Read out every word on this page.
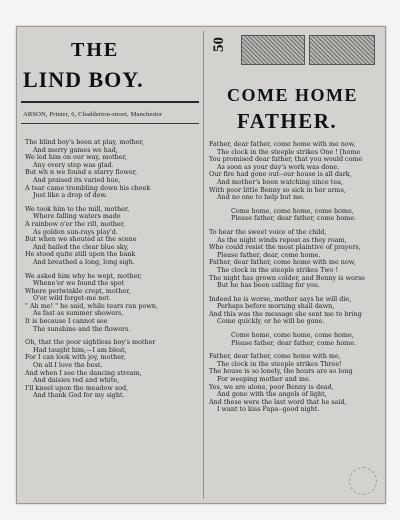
THE
LIND BOY.
ARSON, Printer, 6, Chadderton-street, Manchester
The blind boy's been at play, mother,
And merry games we had,
We led him on our way, mother,
Any every step was glad.
But wh n we found a starry flower,
And praised its varied hue,
A tear came trembling down his cheek
Just like a drop of dew.
We took him to the mill, mother,
Where falling waters made
A rainbow o'er the rill, mother,
As golden sun-rays play'd.
But when we shouted at the scene
And hailed the clear blue sky,
He stood quite still upon the bank
And breathed a long, long sigh.
We asked him why he wept, mother,
Whene'er we found the spot
Where periwinkle crept, mother,
O'er wild forget-me not.
" Ah me! " he said, while tears ran pown,
As fast as summer showers,
It is because I cannot see
The sunshine and the flowers.
Oh, that the poor sightless boy's mother
Had taught him,—I am blest,
For I can look with joy, mother,
On all I love the best.
And when I see the dancing stream,
And daisies red and white,
I'll kneel upon the meadow sod,
And thank God for my sight.
50
COME HOME
FATHER.
Father, dear father, come home with me now,
The clock in the steeple strikes One ! [home
You promised dear father, that you would come
As soon as your day's work was done.
Our fire had gone out--our house is all dark,
And mother's been watching since tea,
With poor little Benny so sick in her arms,
And no one to help but me.
Come home, come home, come home,
Please father, dear father, come home.
To hear the sweet voice of the child,
As the night winds repeat as they roam,
Who could resist the most plaintive of prayers,
Please father, dear, come home.
Father, dear father, come home with me now,
The clock in the steeple strikes Two !
The night has grown colder, and Benny is worse
But he has been calling for you.
Indeed he is worse, mother says he will die,
Perhaps before morning shall dawn,
And this was the message she sent me to bring
Come quickly, or he will be gone.
Come home, come home, come home,
Please father, dear father, come home.
Father, dear father, come home with me,
The clock in the steeple strikes Three!
The house is so lonely, the hours are so long
For weeping mother and me.
Yes, we are alone, poor Benny is dead,
And gone with the angels of light,
And these were the last word that he said,
I want to kiss Papa--good night.
